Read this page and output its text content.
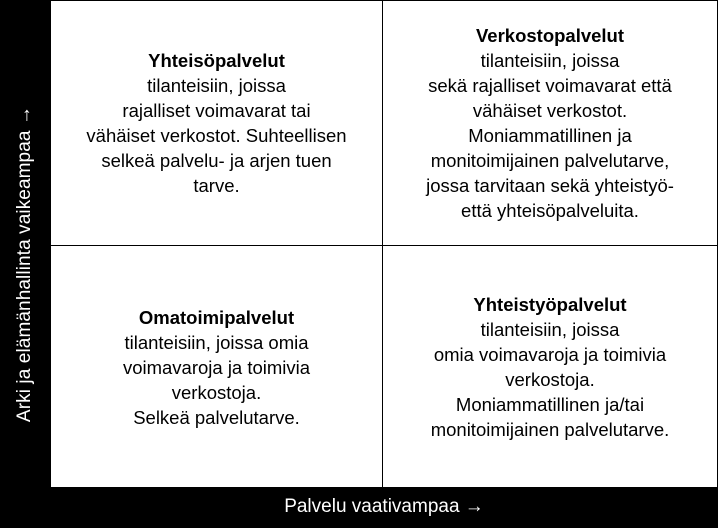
Arki ja elämänhallinta vaikeampaa →
Yhteisöpalvelut
tilanteisiin, joissa
rajalliset voimavarat tai
vähäiset verkostot. Suhteellisen
selkeä palvelu- ja arjen tuen
tarve.
Verkostopalvelut
tilanteisiin, joissa
sekä rajalliset voimavarat että
vähäiset verkostot.
Moniammatillinen ja
monitoimijainen palvelutarve,
jossa tarvitaan sekä yhteistyö-
että yhteisöpalveluita.
Omatoimipalvelut
tilanteisiin, joissa omia
voimavaroja ja toimivia
verkostoja.
Selkeä palvelutarve.
Yhteistyöpalvelut
tilanteisiin, joissa
omia voimavaroja ja toimivia
verkostoja.
Moniammatillinen ja/tai
monitoimijainen palvelutarve.
Palvelu vaativampaa →
